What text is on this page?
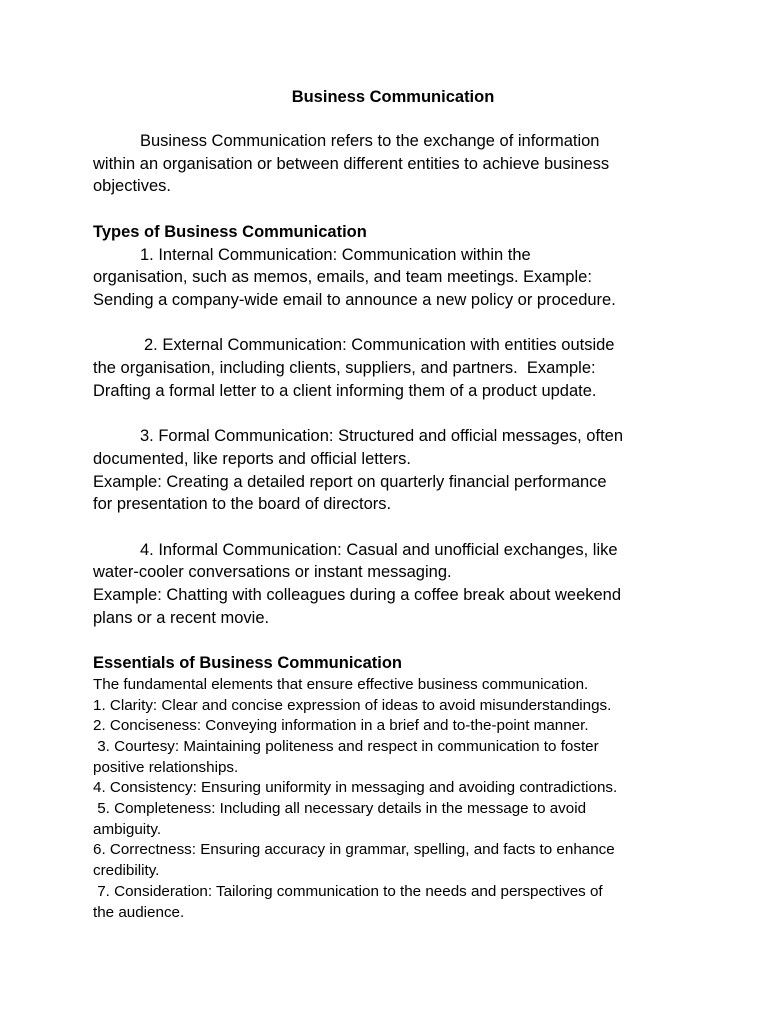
Business Communication

Business Communication refers to the exchange of information

within an organisation or between different entities to achieve business

objectives.

Types of Business Communication

1. Internal Communication: Communication within the

organisation, such as memos, emails, and team meetings. Example:

Sending a company-wide email to announce a new policy or procedure.

2. External Communication: Communication with entities outside

the organisation, including clients, suppliers, and partners.  Example:

Drafting a formal letter to a client informing them of a product update.

3. Formal Communication: Structured and official messages, often

documented, like reports and official letters.

Example: Creating a detailed report on quarterly financial performance

for presentation to the board of directors.

4. Informal Communication: Casual and unofficial exchanges, like

water-cooler conversations or instant messaging.

Example: Chatting with colleagues during a coffee break about weekend

plans or a recent movie.

Essentials of Business Communication

The fundamental elements that ensure effective business communication.

1. Clarity: Clear and concise expression of ideas to avoid misunderstandings.

2. Conciseness: Conveying information in a brief and to-the-point manner.

3. Courtesy: Maintaining politeness and respect in communication to foster

positive relationships.

4. Consistency: Ensuring uniformity in messaging and avoiding contradictions.

5. Completeness: Including all necessary details in the message to avoid

ambiguity.

6. Correctness: Ensuring accuracy in grammar, spelling, and facts to enhance

credibility.

7. Consideration: Tailoring communication to the needs and perspectives of

the audience.
